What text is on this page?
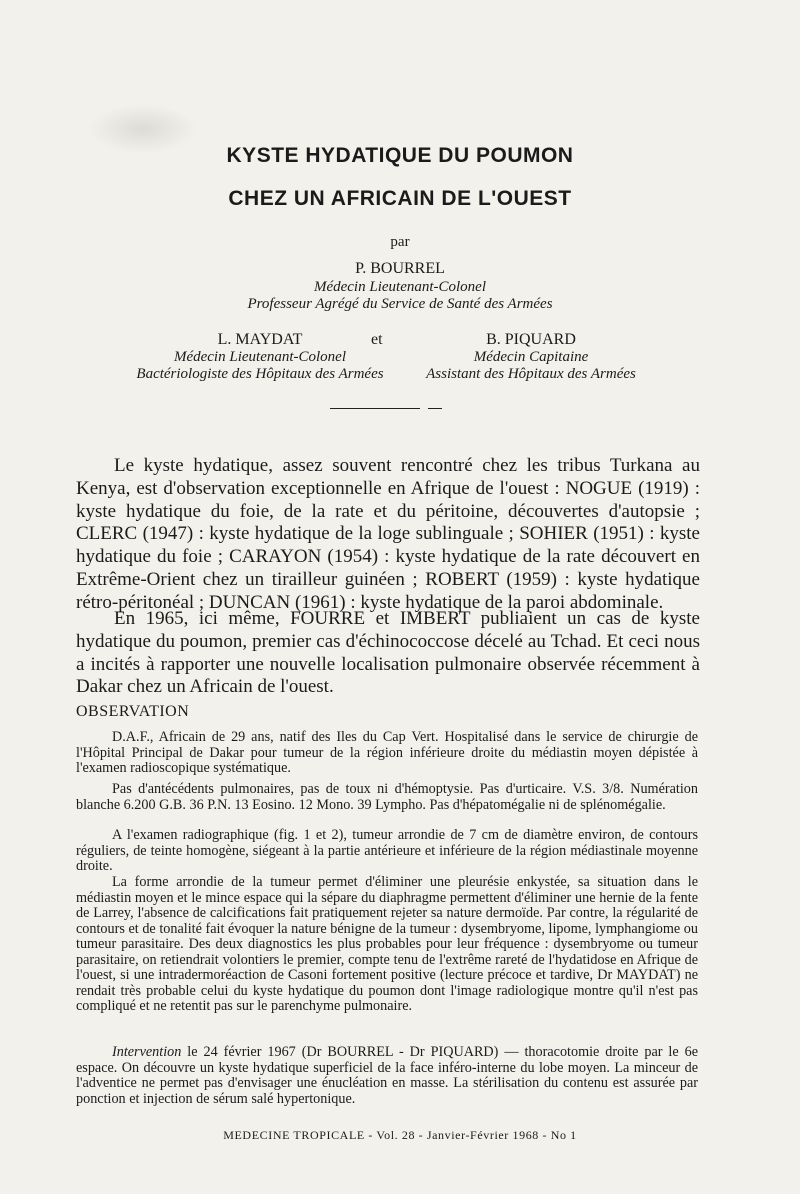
KYSTE HYDATIQUE DU POUMON
CHEZ UN AFRICAIN DE L'OUEST
par
P. BOURREL
Médecin Lieutenant-Colonel
Professeur Agrégé du Service de Santé des Armées
L. MAYDAT
Médecin Lieutenant-Colonel
Bactériologiste des Hôpitaux des Armées
et	B. PIQUARD
Médecin Capitaine
Assistant des Hôpitaux des Armées
Le kyste hydatique, assez souvent rencontré chez les tribus Turkana au Kenya, est d'observation exceptionnelle en Afrique de l'ouest : NOGUE (1919) : kyste hydatique du foie, de la rate et du péritoine, découvertes d'autopsie ; CLERC (1947) : kyste hydatique de la loge sublinguale ; SOHIER (1951) : kyste hydatique du foie ; CARAYON (1954) : kyste hydatique de la rate découvert en Extrême-Orient chez un tirailleur guinéen ; ROBERT (1959) : kyste hydatique rétro-péritonéal ; DUNCAN (1961) : kyste hydatique de la paroi abdominale.
En 1965, ici même, FOURRE et IMBERT publiaient un cas de kyste hydatique du poumon, premier cas d'échinococcose décelé au Tchad. Et ceci nous a incités à rapporter une nouvelle localisation pulmonaire observée récemment à Dakar chez un Africain de l'ouest.
OBSERVATION
D.A.F., Africain de 29 ans, natif des Iles du Cap Vert. Hospitalisé dans le service de chirurgie de l'Hôpital Principal de Dakar pour tumeur de la région inférieure droite du médiastin moyen dépistée à l'examen radioscopique systématique.
Pas d'antécédents pulmonaires, pas de toux ni d'hémoptysie. Pas d'urticaire. V.S. 3/8. Numération blanche 6.200 G.B. 36 P.N. 13 Eosino. 12 Mono. 39 Lympho. Pas d'hépatomégalie ni de splénomégalie.
A l'examen radiographique (fig. 1 et 2), tumeur arrondie de 7 cm de diamètre environ, de contours réguliers, de teinte homogène, siégeant à la partie antérieure et inférieure de la région médiastinale moyenne droite.
La forme arrondie de la tumeur permet d'éliminer une pleurésie enkystée, sa situation dans le médiastin moyen et le mince espace qui la sépare du diaphragme permettent d'éliminer une hernie de la fente de Larrey, l'absence de calcifications fait pratiquement rejeter sa nature dermoïde. Par contre, la régularité de contours et de tonalité fait évoquer la nature bénigne de la tumeur : dysembryome, lipome, lymphangiome ou tumeur parasitaire. Des deux diagnostics les plus probables pour leur fréquence : dysembryome ou tumeur parasitaire, on retiendrait volontiers le premier, compte tenu de l'extrême rareté de l'hydatidose en Afrique de l'ouest, si une intradermoréaction de Casoni fortement positive (lecture précoce et tardive, Dr MAYDAT) ne rendait très probable celui du kyste hydatique du poumon dont l'image radiologique montre qu'il n'est pas compliqué et ne retentit pas sur le parenchyme pulmonaire.
Intervention le 24 février 1967 (Dr BOURREL - Dr PIQUARD) — thoracotomie droite par le 6e espace. On découvre un kyste hydatique superficiel de la face inféro-interne du lobe moyen. La minceur de l'adventice ne permet pas d'envisager une énucléation en masse. La stérilisation du contenu est assurée par ponction et injection de sérum salé hypertonique.
MEDECINE TROPICALE - Vol. 28 - Janvier-Février 1968 - No 1
